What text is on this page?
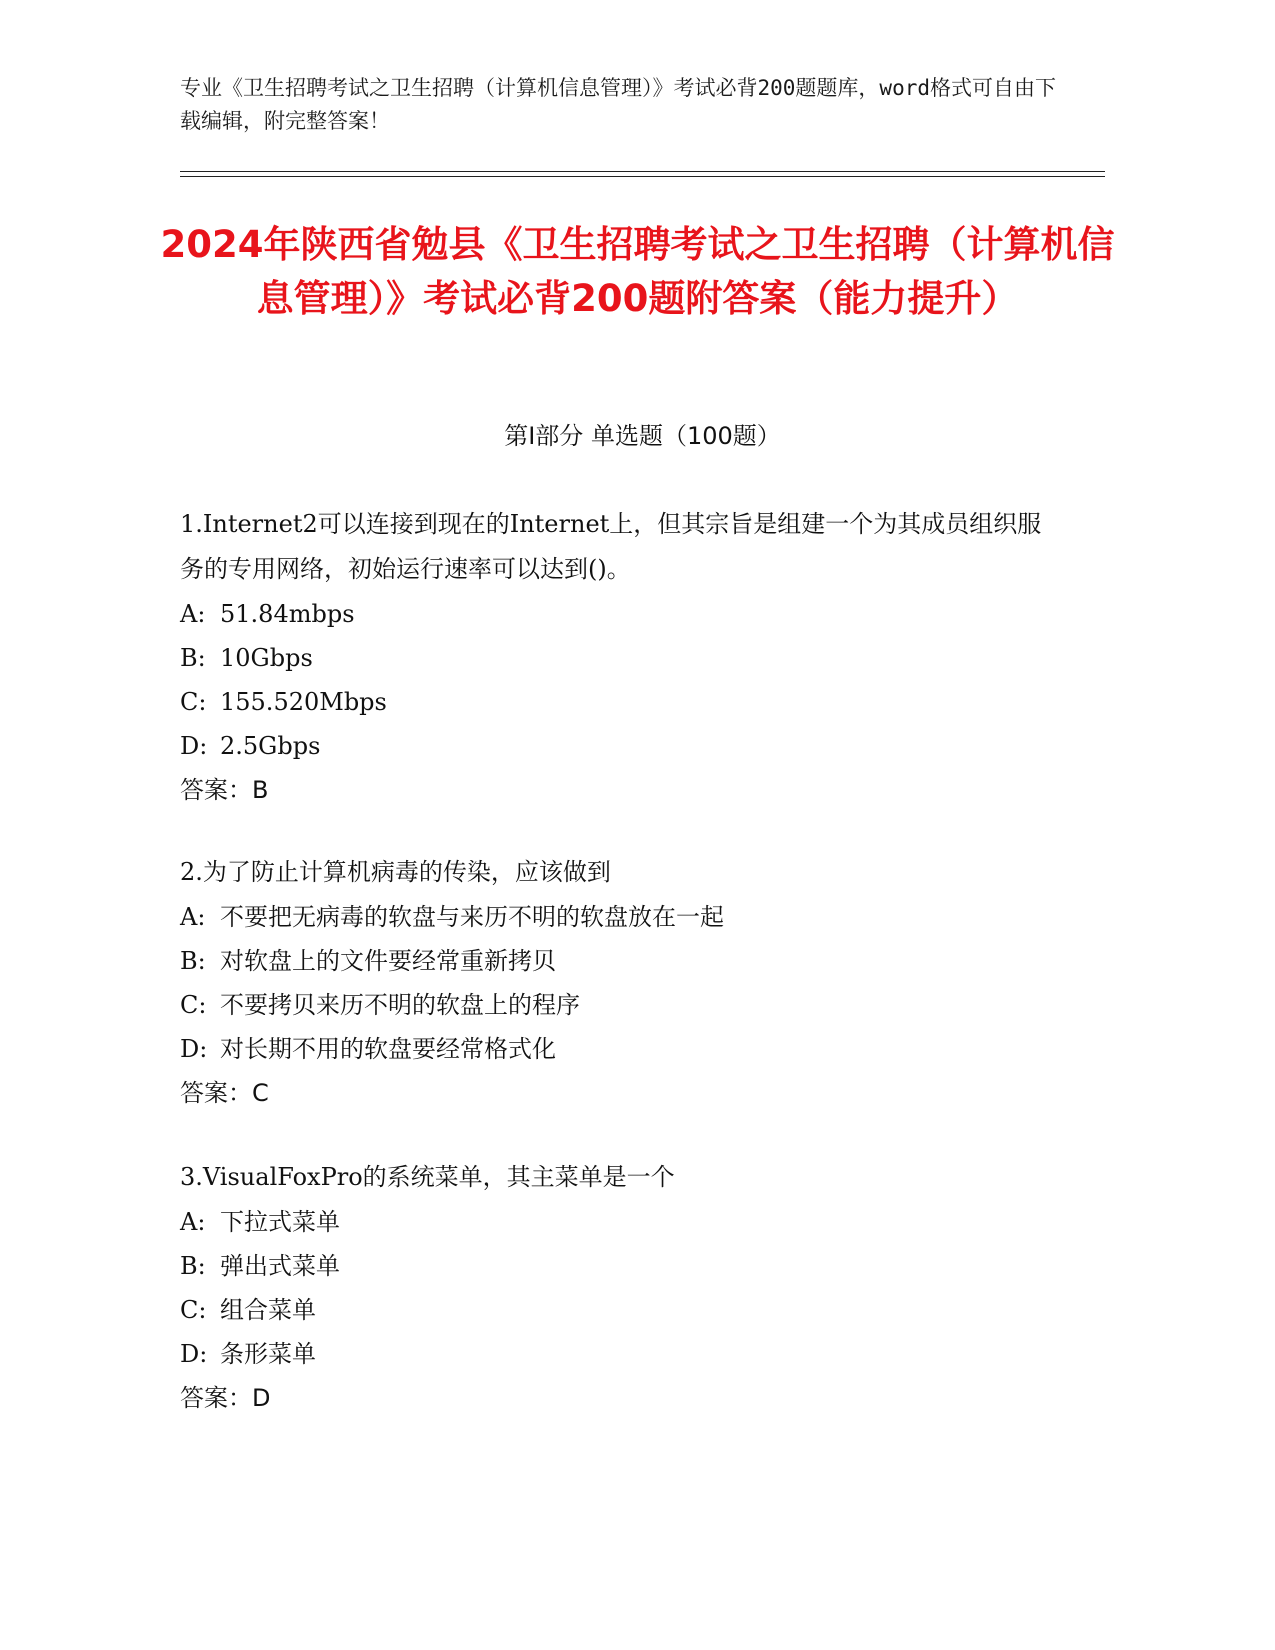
专业《卫生招聘考试之卫生招聘（计算机信息管理）》考试必背200题题库，word格式可自由下载编辑，附完整答案！
2024年陕西省勉县《卫生招聘考试之卫生招聘（计算机信息管理）》考试必背200题附答案（能力提升）
第Ⅰ部分 单选题（100题）

1.Internet2可以连接到现在的Internet上，但其宗旨是组建一个为其成员组织服务的专用网络，初始运行速率可以达到()。

A: 51.84mbps

B: 10Gbps

C: 155.520Mbps

D: 2.5Gbps

答案：B

2.为了防止计算机病毒的传染，应该做到

A: 不要把无病毒的软盘与来历不明的软盘放在一起

B: 对软盘上的文件要经常重新拷贝

C: 不要拷贝来历不明的软盘上的程序

D: 对长期不用的软盘要经常格式化

答案：C

3.VisualFoxPro的系统菜单，其主菜单是一个

A: 下拉式菜单

B: 弹出式菜单

C: 组合菜单

D: 条形菜单

答案：D
